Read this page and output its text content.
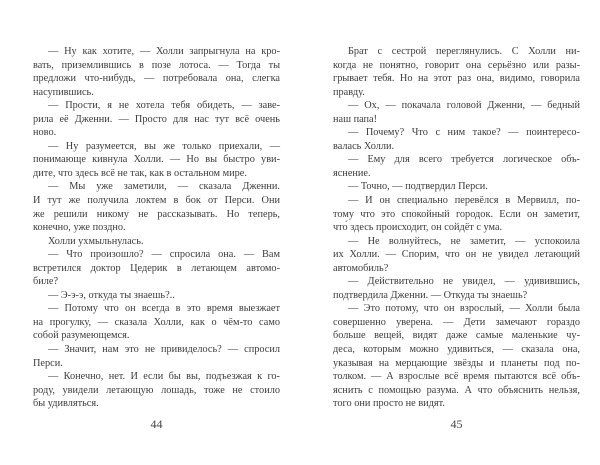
— Ну как хотите, — Холли запрыгнула на кро-
вать, приземлившись в позе лотоса. — Тогда ты
предложи что-нибудь, — потребовала она, слегка
насупившись.
— Прости, я не хотела тебя обидеть, — заве-
рила её Дженни. — Просто для нас тут всё очень
ново.
— Ну разумеется, вы же только приехали, —
понимающе кивнула Холли. — Но вы быстро уви-
дите, что здесь всё не так, как в остальном мире.
— Мы уже заметили, — сказала Дженни.
И тут же получила локтем в бок от Перси. Они
же решили никому не рассказывать. Но теперь,
конечно, уже поздно.
Холли ухмыльнулась.
— Что произошло? — спросила она. — Вам
встретился доктор Цедерик в летающем автомо-
биле?
— Э-э-э, откуда ты знаешь?..
— Потому что он всегда в это время выезжает
на прогулку, — сказала Холли, как о чём-то само
собой разумеющемся.
— Значит, нам это не привиделось? — спросил
Перси.
— Конечно, нет. И если бы вы, подъезжая к го-
роду, увидели летающую лошадь, тоже не стоило
бы удивляться.
Брат с сестрой переглянулись. С Холли ни-
когда не понятно, говорит она серьёзно или разы-
грывает тебя. Но на этот раз она, видимо, говорила
правду.
— Ох, — покачала головой Дженни, — бедный
наш папа!
— Почему? Что с ним такое? — поинтересо-
валась Холли.
— Ему для всего требуется логическое объ-
яснение.
— Точно, — подтвердил Перси.
— И он специально перевёлся в Мервилл, по-
тому что это спокойный городок. Если он заметит,
что́ здесь происходит, он сойдёт с ума.
— Не волнуйтесь, не заметит, — успокоила
их Холли. — Спорим, что он не увидел летающий
автомобиль?
— Действительно не увидел, — удивившись,
подтвердила Дженни. — Откуда ты знаешь?
— Это потому, что он взрослый, — Холли была
совершенно уверена. — Дети замечают гораздо
больше вещей, видят даже самые маленькие чу-
деса, которым можно удивиться, — сказала она,
указывая на мерцающие звёзды и планеты под по-
толком. — А взрослые всё время пытаются всё объ-
яснить с помощью разума. А что объяснить нельзя,
того они просто не видят.
44	45
